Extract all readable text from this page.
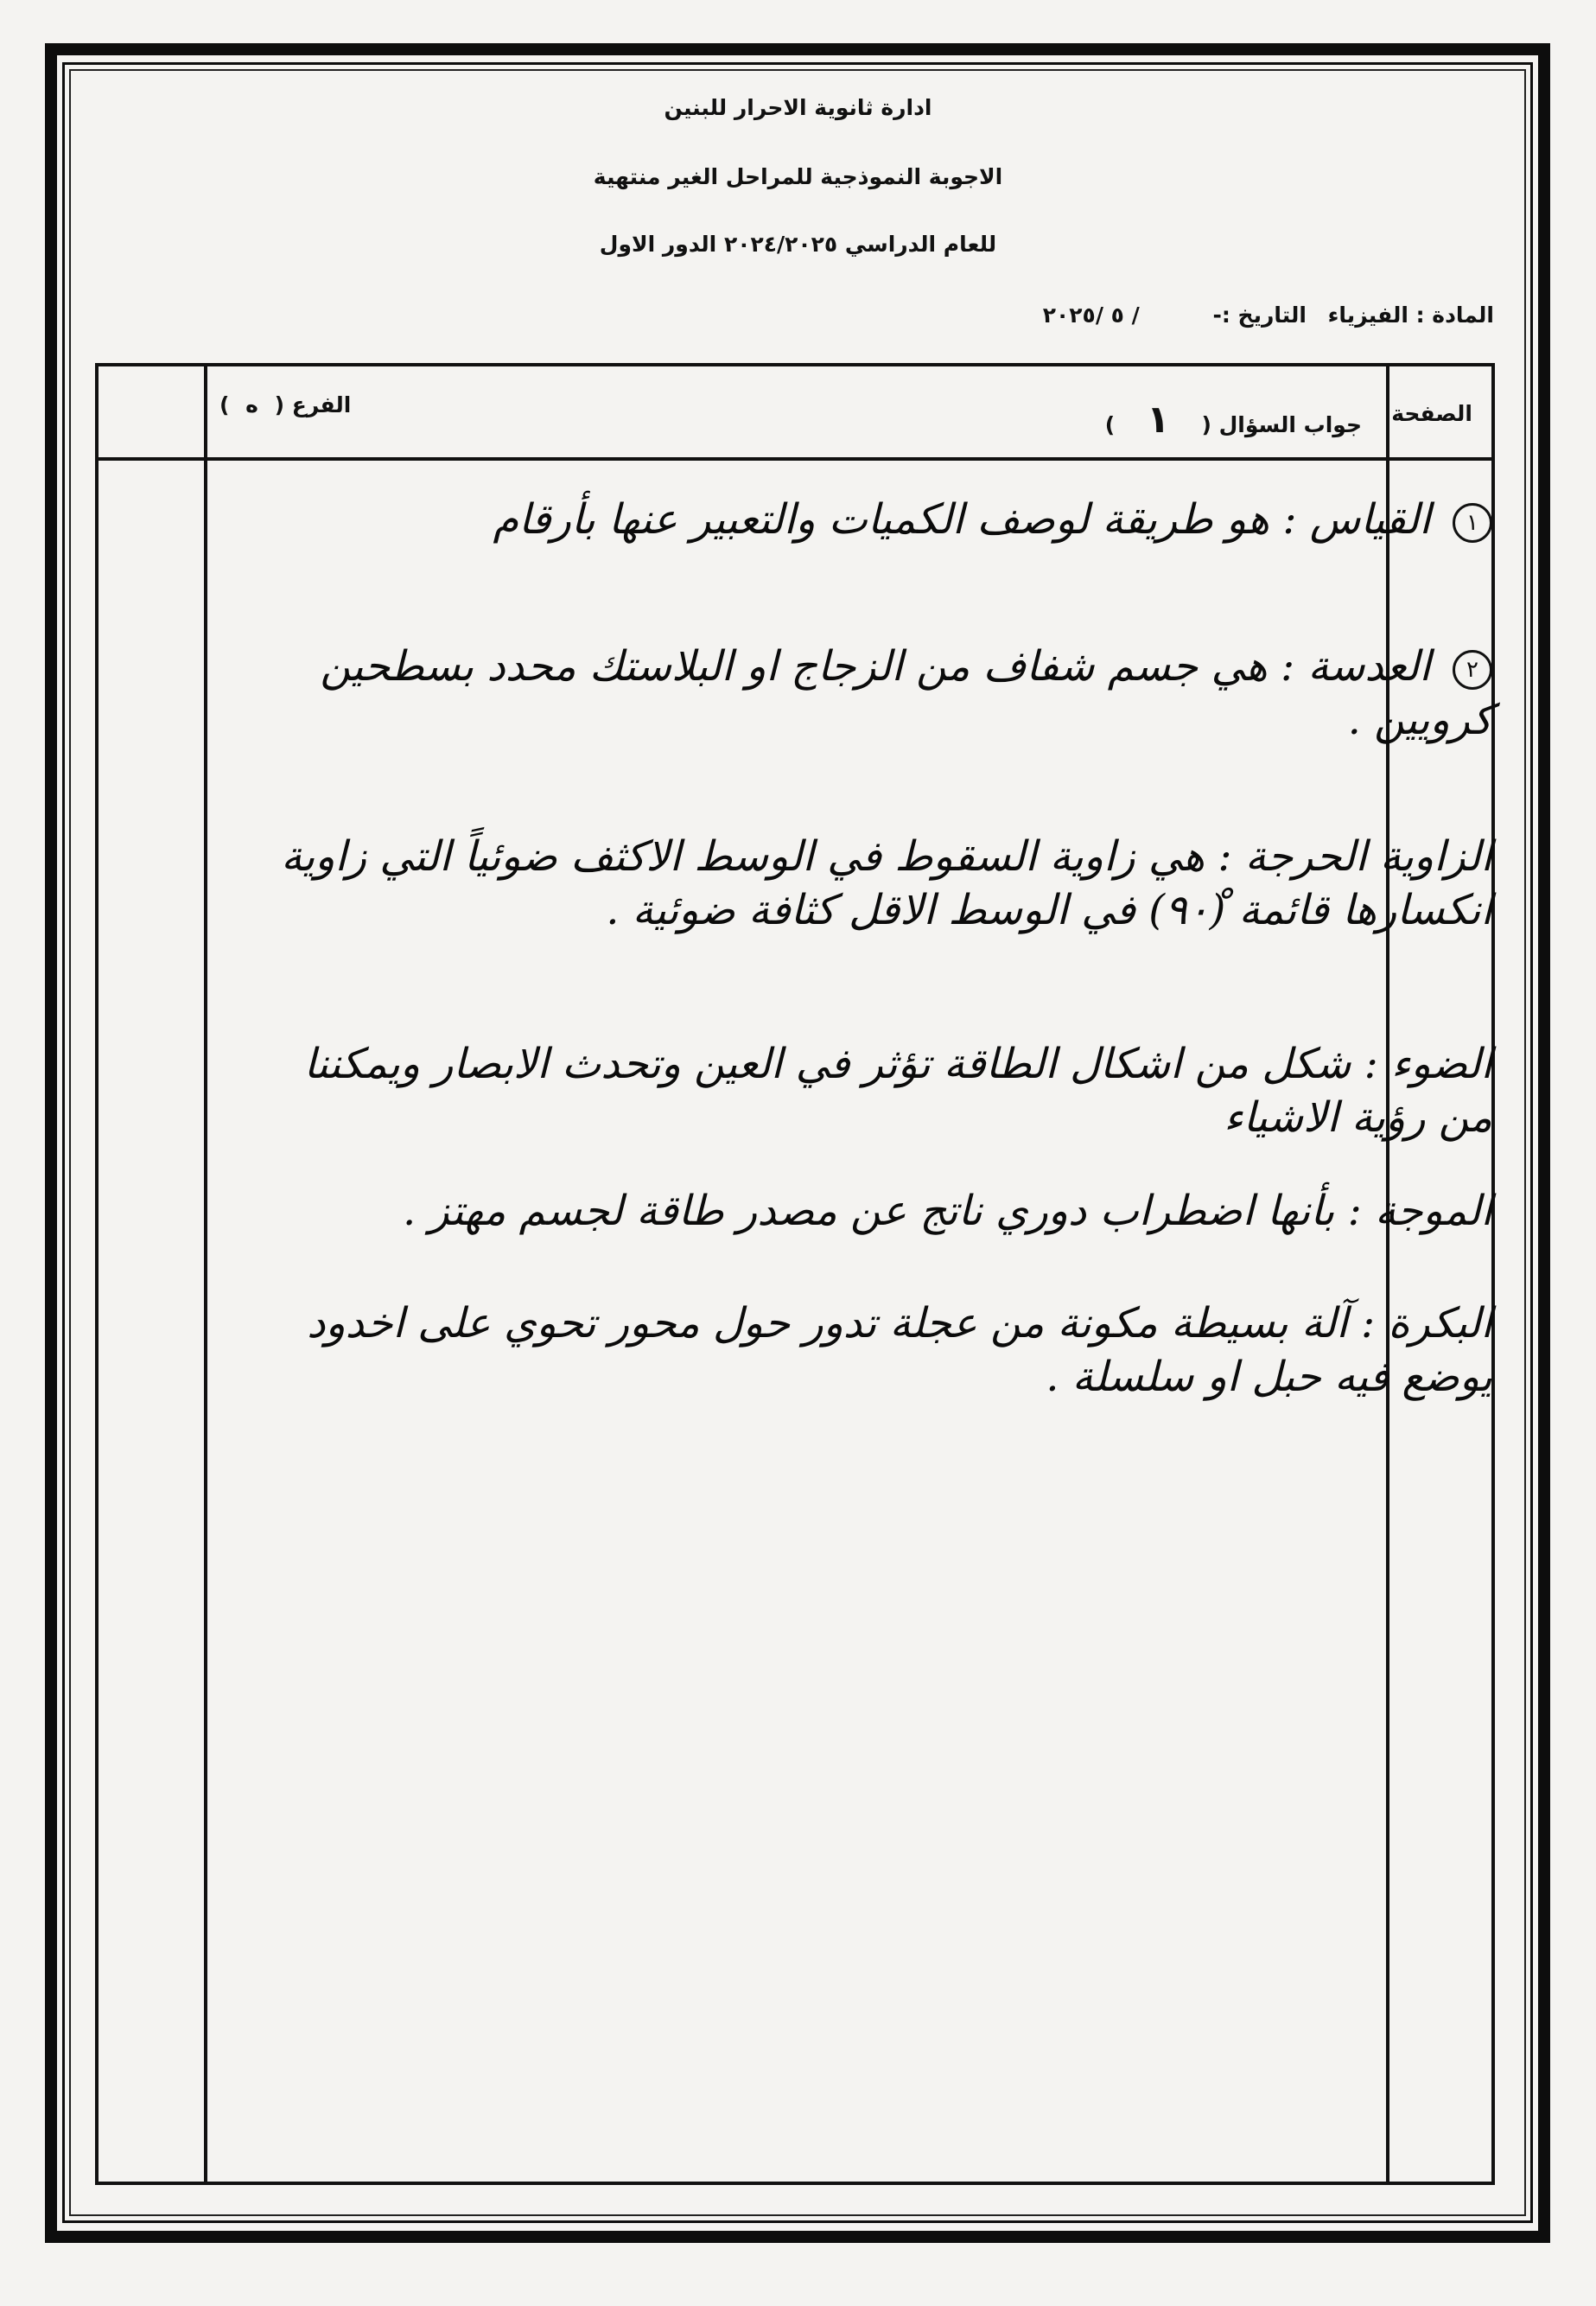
ادارة ثانوية الاحرار للبنين
الاجوبة النموذجية للمراحل الغير منتهية
للعام الدراسي ٢٠٢٤/٢٠٢٥ الدور الاول
المادة : الفيزياء التاريخ :- / ٥ /٢٠٢٥
الصفحة
جواب السؤال ( ١ )
الفرع ( ه )
١ القياس : هو طريقة لوصف الكميات والتعبير عنها بأرقام
٢ العدسة : هي جسم شفاف من الزجاج او البلاستك محدد بسطحين كرويين .
الزاوية الحرجة : هي زاوية السقوط في الوسط الاكثف ضوئياً التي زاوية انكسارها قائمة (٩٠ْ) في الوسط الاقل كثافة ضوئية .
الضوء : شكل من اشكال الطاقة تؤثر في العين وتحدث الابصار ويمكننا من رؤية الاشياء
الموجة : بأنها اضطراب دوري ناتج عن مصدر طاقة لجسم مهتز .
البكرة : آلة بسيطة مكونة من عجلة تدور حول محور تحوي على اخدود يوضع فيه حبل او سلسلة .
